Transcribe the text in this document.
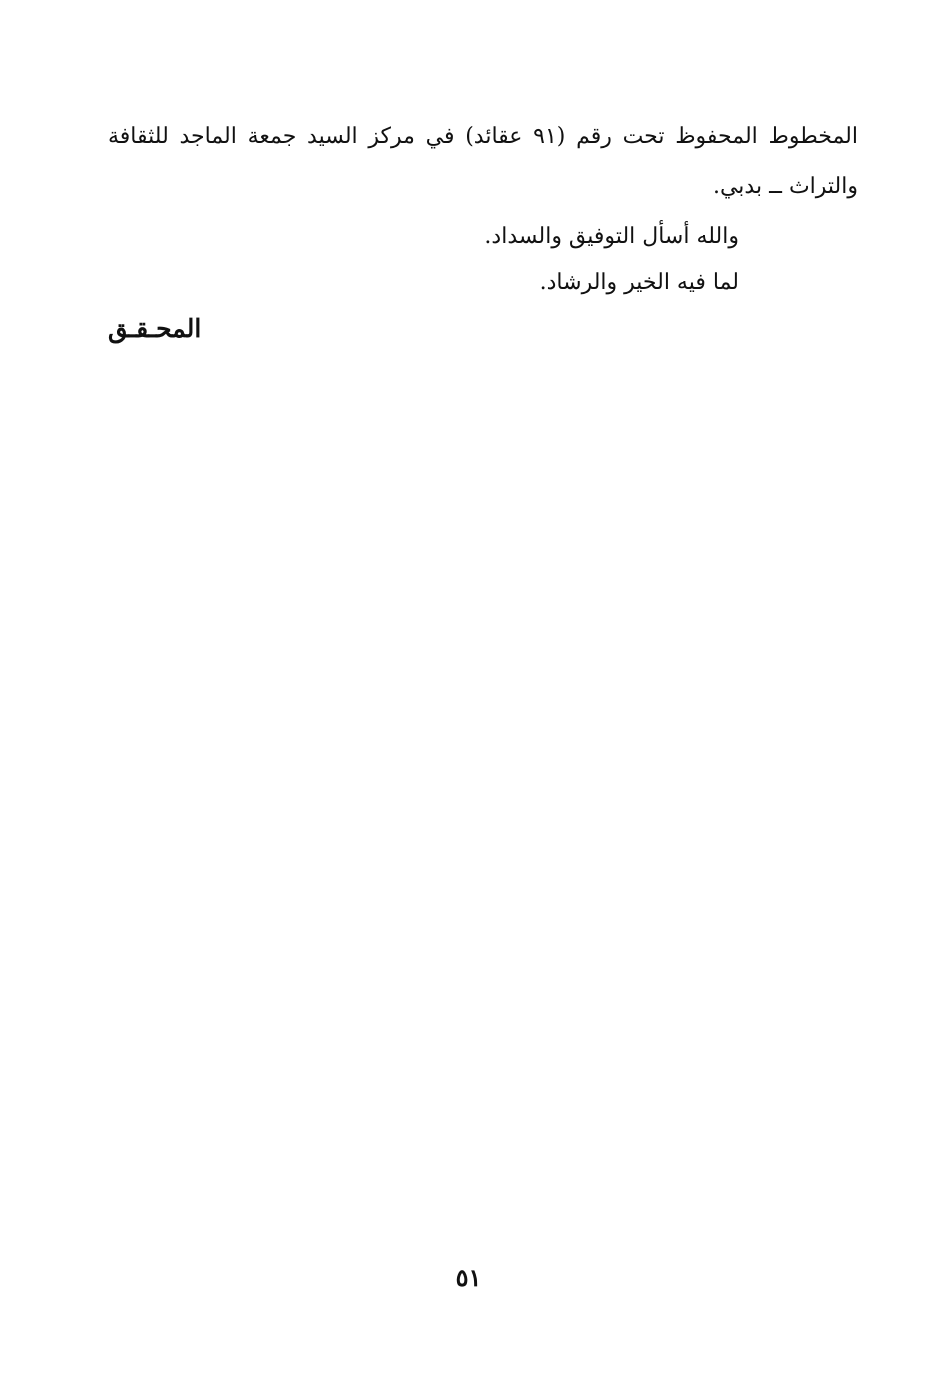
المخطوط المحفوظ تحت رقم (٩١ عقائد) في مركز السيد جمعة الماجد للثقافة والتراث ــ بدبي.

والله أسأل التوفيق والسداد.

لما فيه الخير والرشاد.

المحـقـق

٥١
